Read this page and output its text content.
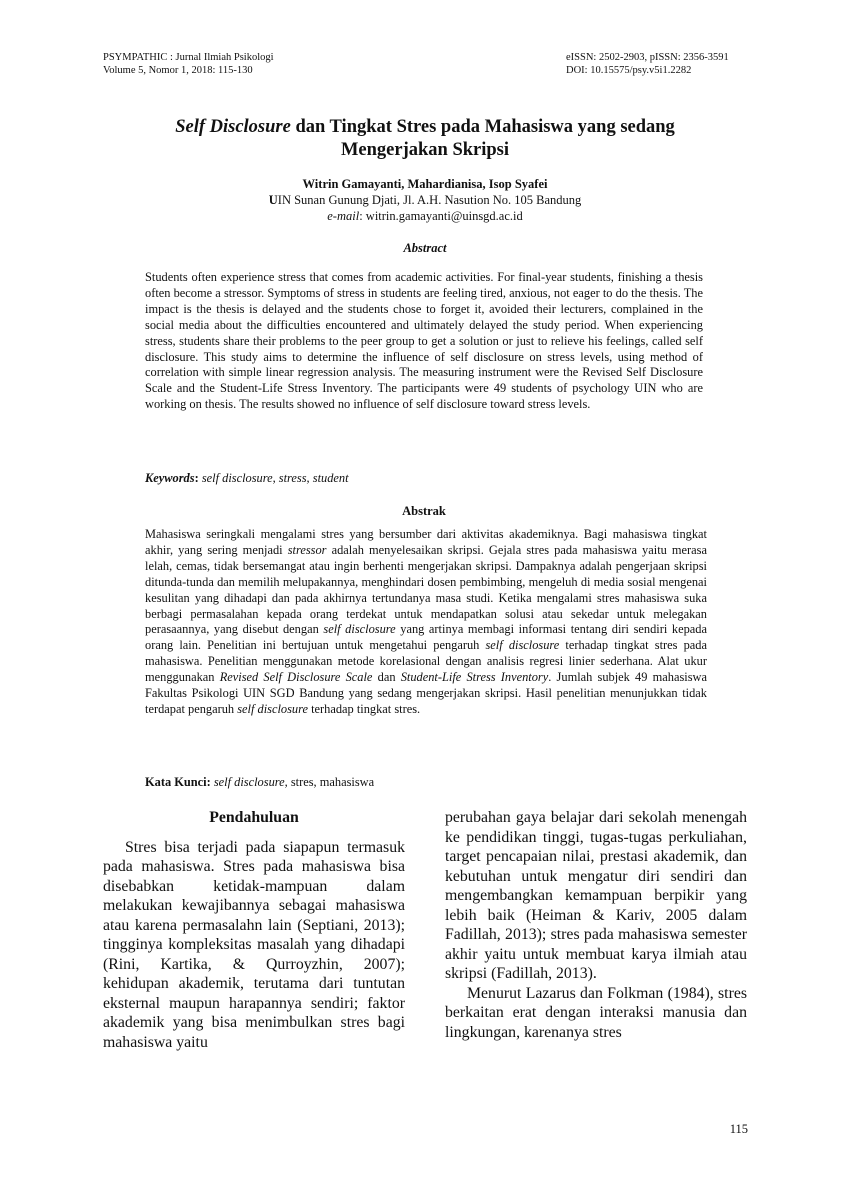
PSYMPATHIC : Jurnal Ilmiah Psikologi
Volume 5, Nomor 1, 2018: 115-130
eISSN: 2502-2903, pISSN: 2356-3591
DOI: 10.15575/psy.v5i1.2282
Self Disclosure dan Tingkat Stres pada Mahasiswa yang sedang
Mengerjakan Skripsi
Witrin Gamayanti, Mahardianisa, Isop Syafei
UIN Sunan Gunung Djati, Jl. A.H. Nasution No. 105 Bandung
e-mail: witrin.gamayanti@uinsgd.ac.id
Abstract
Students often experience stress that comes from academic activities. For final-year students, finishing a thesis often become a stressor. Symptoms of stress in students are feeling tired, anxious, not eager to do the thesis. The impact is the thesis is delayed and the students chose to forget it, avoided their lecturers, complained in the social media about the difficulties encountered and ultimately delayed the study period. When experiencing stress, students share their problems to the peer group to get a solution or just to relieve his feelings, called self disclosure. This study aims to determine the influence of self disclosure on stress levels, using method of correlation with simple linear regression analysis. The measuring instrument were the Revised Self Disclosure Scale and the Student-Life Stress Inventory. The participants were 49 students of psychology UIN who are working on thesis. The results showed no influence of self disclosure toward stress levels.
Keywords: self disclosure, stress, student
Abstrak
Mahasiswa seringkali mengalami stres yang bersumber dari aktivitas akademiknya. Bagi mahasiswa tingkat akhir, yang sering menjadi stressor adalah menyelesaikan skripsi. Gejala stres pada mahasiswa yaitu merasa lelah, cemas, tidak bersemangat atau ingin berhenti mengerjakan skripsi. Dampaknya adalah pengerjaan skripsi ditunda-tunda dan memilih melupakannya, menghindari dosen pembimbing, mengeluh di media sosial mengenai kesulitan yang dihadapi dan pada akhirnya tertundanya masa studi. Ketika mengalami stres mahasiswa suka berbagi permasalahan kepada orang terdekat untuk mendapatkan solusi atau sekedar untuk melegakan perasaannya, yang disebut dengan self disclosure yang artinya membagi informasi tentang diri sendiri kepada orang lain. Penelitian ini bertujuan untuk mengetahui pengaruh self disclosure terhadap tingkat stres pada mahasiswa. Penelitian menggunakan metode korelasional dengan analisis regresi linier sederhana. Alat ukur menggunakan Revised Self Disclosure Scale dan Student-Life Stress Inventory. Jumlah subjek 49 mahasiswa Fakultas Psikologi UIN SGD Bandung yang sedang mengerjakan skripsi. Hasil penelitian menunjukkan tidak terdapat pengaruh self disclosure terhadap tingkat stres.
Kata Kunci: self disclosure, stres, mahasiswa
Pendahuluan

Stres bisa terjadi pada siapapun termasuk pada mahasiswa. Stres pada mahasiswa bisa disebabkan ketidak-mampuan dalam melakukan kewajibannya sebagai mahasiswa atau karena permasalahn lain (Septiani, 2013); tingginya kompleksitas masalah yang dihadapi (Rini, Kartika, & Qurroyzhin, 2007); kehidupan akademik, terutama dari tuntutan eksternal maupun harapannya sendiri; faktor akademik yang bisa menimbulkan stres bagi mahasiswa yaitu

perubahan gaya belajar dari sekolah menengah ke pendidikan tinggi, tugas-tugas perkuliahan, target pencapaian nilai, prestasi akademik, dan kebutuhan untuk mengatur diri sendiri dan mengembangkan kemampuan berpikir yang lebih baik (Heiman & Kariv, 2005 dalam Fadillah, 2013); stres pada mahasiswa semester akhir yaitu untuk membuat karya ilmiah atau skripsi (Fadillah, 2013).

Menurut Lazarus dan Folkman (1984), stres berkaitan erat dengan interaksi manusia dan lingkungan, karenanya stres

115
